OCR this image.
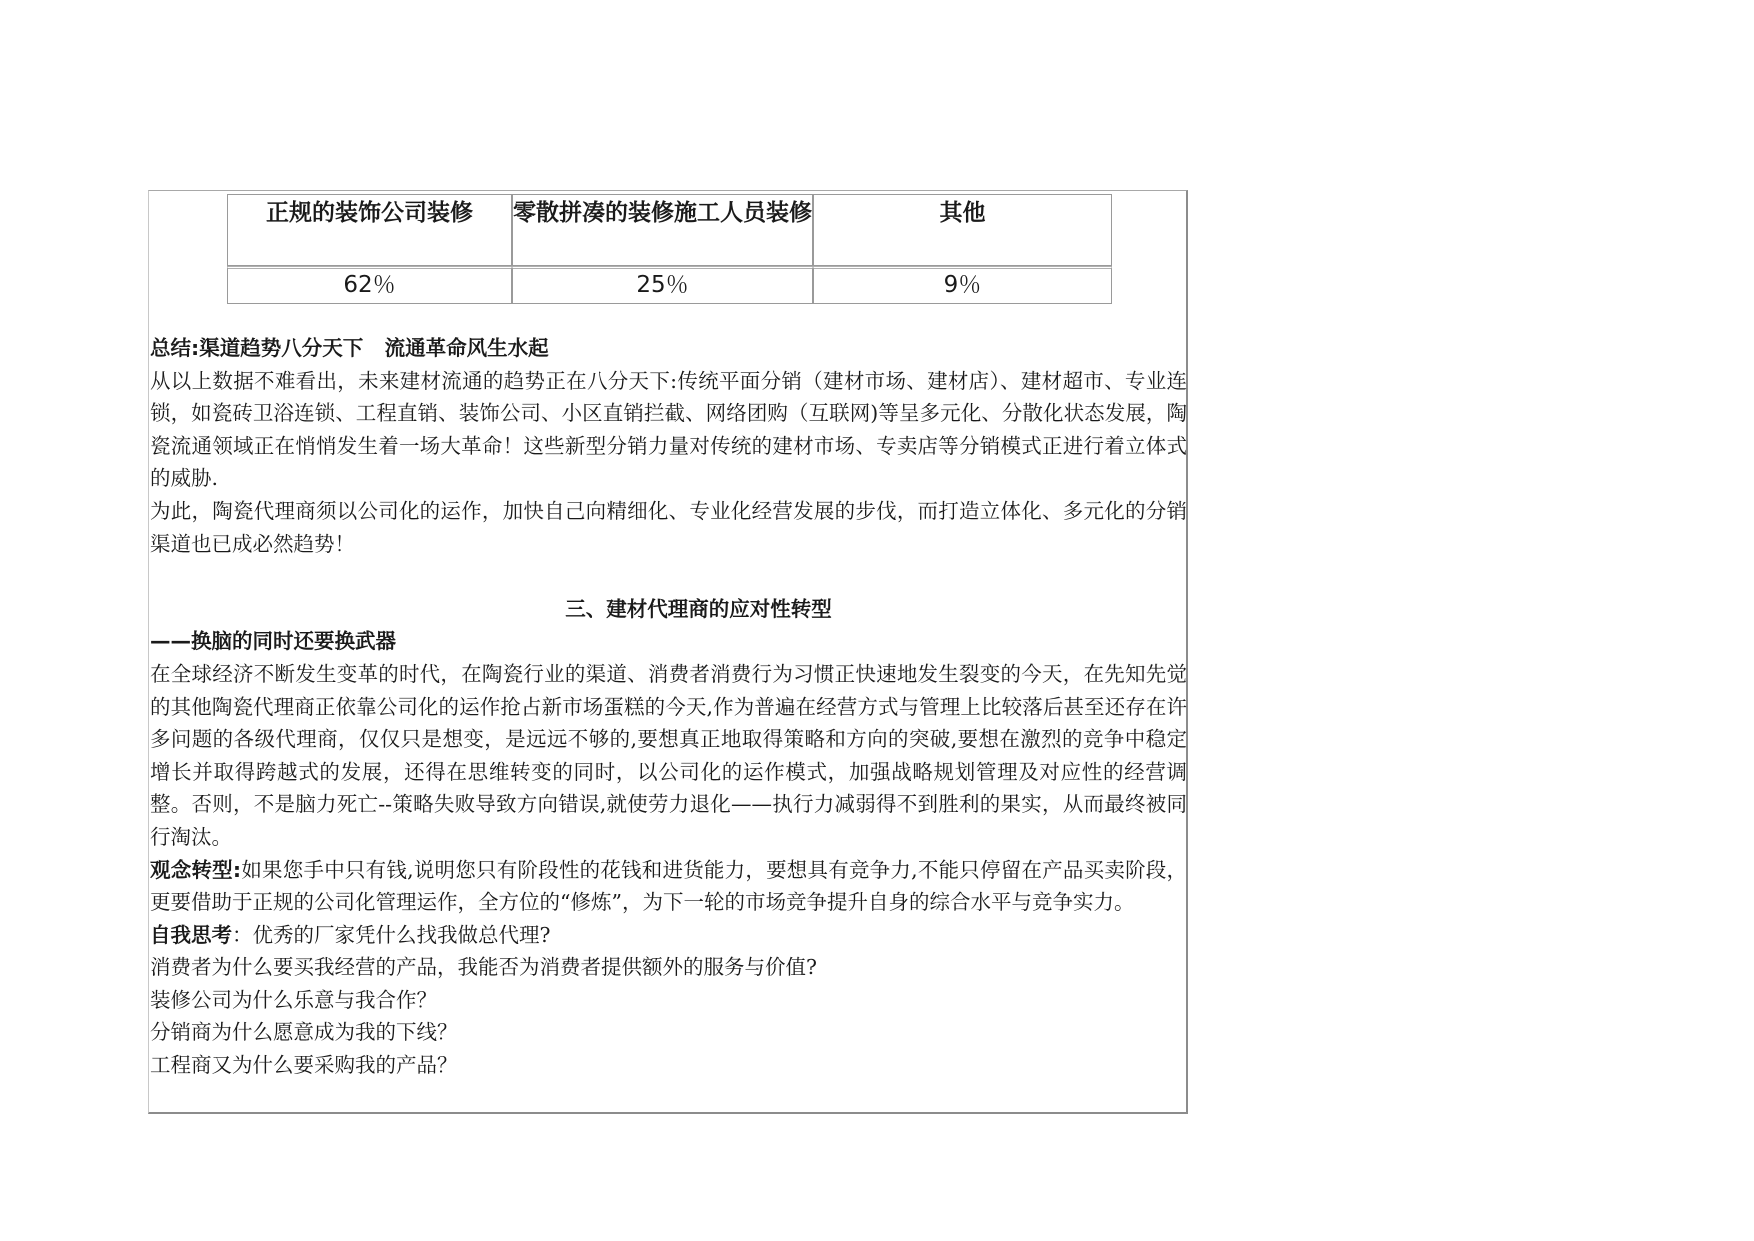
正规的装饰公司装修	零散拼凑的装修施工人员装修	其他
62％	25％	9％

总结:渠道趋势八分天下   流通革命风生水起

从以上数据不难看出，未来建材流通的趋势正在八分天下:传统平面分销（建材市场、建材店）、建材超市、专业连锁，如瓷砖卫浴连锁、工程直销、装饰公司、小区直销拦截、网络团购（互联网)等呈多元化、分散化状态发展，陶瓷流通领域正在悄悄发生着一场大革命！这些新型分销力量对传统的建材市场、专卖店等分销模式正进行着立体式的威胁.

为此，陶瓷代理商须以公司化的运作，加快自己向精细化、专业化经营发展的步伐，而打造立体化、多元化的分销渠道也已成必然趋势！

三、建材代理商的应对性转型

——换脑的同时还要换武器

在全球经济不断发生变革的时代，在陶瓷行业的渠道、消费者消费行为习惯正快速地发生裂变的今天，在先知先觉的其他陶瓷代理商正依靠公司化的运作抢占新市场蛋糕的今天,作为普遍在经营方式与管理上比较落后甚至还存在许多问题的各级代理商，仅仅只是想变，是远远不够的,要想真正地取得策略和方向的突破,要想在激烈的竞争中稳定增长并取得跨越式的发展，还得在思维转变的同时，以公司化的运作模式，加强战略规划管理及对应性的经营调整。否则，不是脑力死亡--策略失败导致方向错误,就使劳力退化——执行力减弱得不到胜利的果实，从而最终被同行淘汰。

观念转型:如果您手中只有钱,说明您只有阶段性的花钱和进货能力，要想具有竞争力,不能只停留在产品买卖阶段，更要借助于正规的公司化管理运作，全方位的“修炼”，为下一轮的市场竞争提升自身的综合水平与竞争实力。

自我思考：优秀的厂家凭什么找我做总代理?

消费者为什么要买我经营的产品，我能否为消费者提供额外的服务与价值?

装修公司为什么乐意与我合作？

分销商为什么愿意成为我的下线？

工程商又为什么要采购我的产品？
